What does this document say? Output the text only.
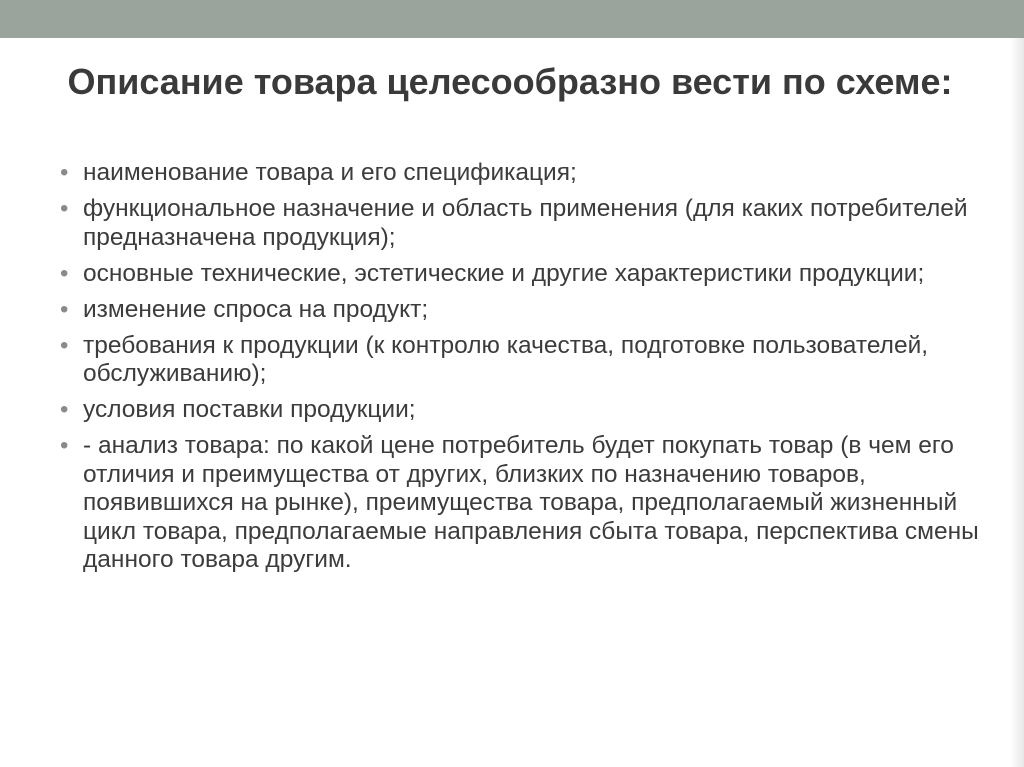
Описание товара целесообразно вести по схеме:
• наименование товара и его спецификация;
• функциональное назначение и область применения (для каких потребителей предназначена продукция);
• основные технические, эстетические и другие характеристики продукции;
• изменение спроса на продукт;
• требования к продукции (к контролю качества, подготовке пользователей, обслуживанию);
• условия поставки продукции;
• - анализ товара: по какой цене потребитель будет покупать товар (в чем его отличия и преимущества от других, близких по назначению товаров, появившихся на рынке), преимущества товара, предполагаемый жизненный цикл товара, предполагаемые направления сбыта товара, перспектива смены данного товара другим.
